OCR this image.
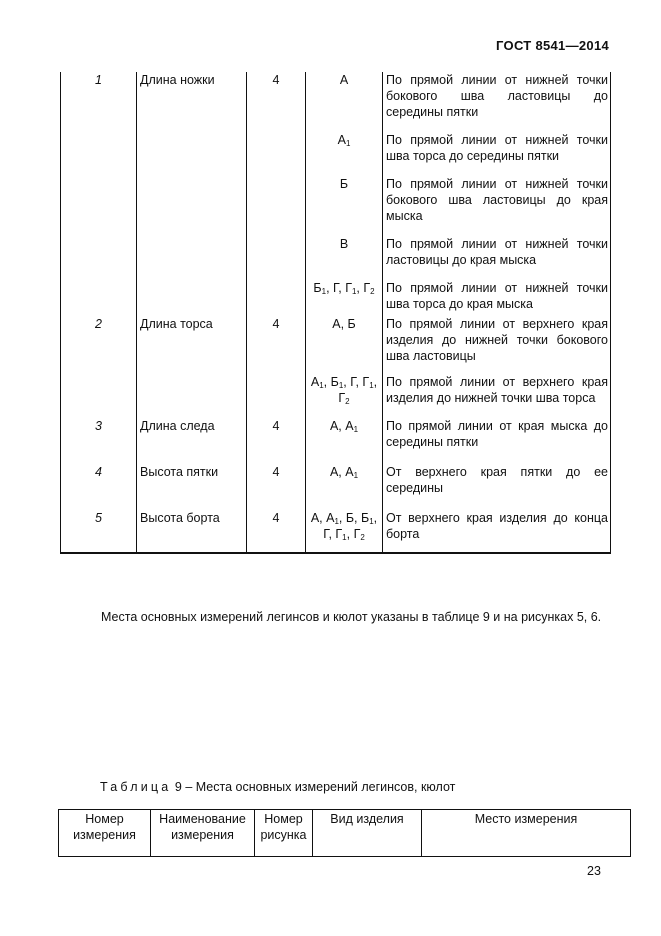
ГОСТ 8541—2014
1	Длина ножки	4	А	По прямой линии от нижней точки бокового шва ластовицы до середины пятки

			$А_1$	По прямой линии от нижней точки шва торса до середины пятки

			Б	По прямой линии от нижней точки бокового шва ластовицы до края мыска

			В	По прямой линии от нижней точки ластовицы до края мыска

			$Б_1$, Г, $Г_1$, $Г_2$	По прямой линии от нижней точки шва торса до края мыска

2	Длина торса	4	А, Б	По прямой линии от верхнего края изделия до нижней точки бокового шва ластовицы

			$А_1$, $Б_1$, Г, $Г_1$, $Г_2$	По прямой линии от верхнего края изделия до нижней точки шва торса

3	Длина следа	4	А, $А_1$	По прямой линии от края мыска до середины пятки

4	Высота пятки	4	А, $А_1$	От верхнего края пятки до ее середины

5	Высота борта	4	А, $А_1$, Б, $Б_1$, Г, $Г_1$, $Г_2$	От верхнего края изделия до конца борта
Места основных измерений легинсов и кюлот указаны в таблице 9 и на рисунках 5, 6.
Таблица 9 – Места основных измерений легинсов, кюлот
Номер измерения	Наименование измерения	Номер рисунка	Вид изделия	Место измерения
23
